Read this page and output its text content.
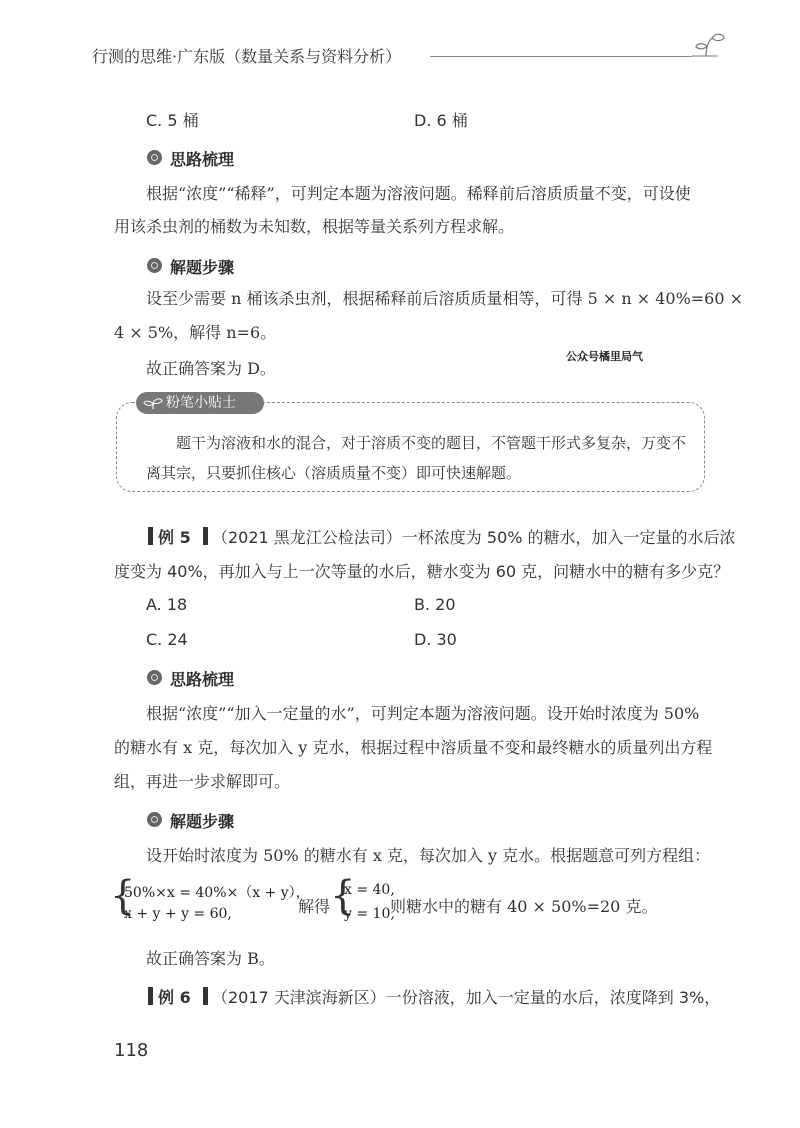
行测的思维·广东版（数量关系与资料分析）
C. 5 桶	D. 6 桶
思路梳理
根据“浓度”“稀释”，可判定本题为溶液问题。稀释前后溶质质量不变，可设使
用该杀虫剂的桶数为未知数，根据等量关系列方程求解。
解题步骤
设至少需要 n 桶该杀虫剂，根据稀释前后溶质质量相等，可得 5 × n × 40%=60 ×
4 × 5%，解得 n=6。
故正确答案为 D。
公众号橘里局气
粉笔小贴士
题干为溶液和水的混合，对于溶质不变的题目，不管题干形式多复杂，万变不
离其宗，只要抓住核心（溶质质量不变）即可快速解题。
例 5 （2021 黑龙江公检法司）一杯浓度为 50% 的糖水，加入一定量的水后浓
度变为 40%，再加入与上一次等量的水后，糖水变为 60 克，问糖水中的糖有多少克？
A. 18	B. 20
C. 24	D. 30
思路梳理
根据“浓度”“加入一定量的水”，可判定本题为溶液问题。设开始时浓度为 50%
的糖水有 x 克，每次加入 y 克水，根据过程中溶质量不变和最终糖水的质量列出方程
组，再进一步求解即可。
解题步骤
设开始时浓度为 50% 的糖水有 x 克，每次加入 y 克水。根据题意可列方程组：
{
50%×x = 40%×（x + y），
x + y + y = 60,	解得 {
x = 40,
y = 10,
则糖水中的糖有 40 × 50%=20 克。
故正确答案为 B。
例 6 （2017 天津滨海新区）一份溶液，加入一定量的水后，浓度降到 3%，
118
